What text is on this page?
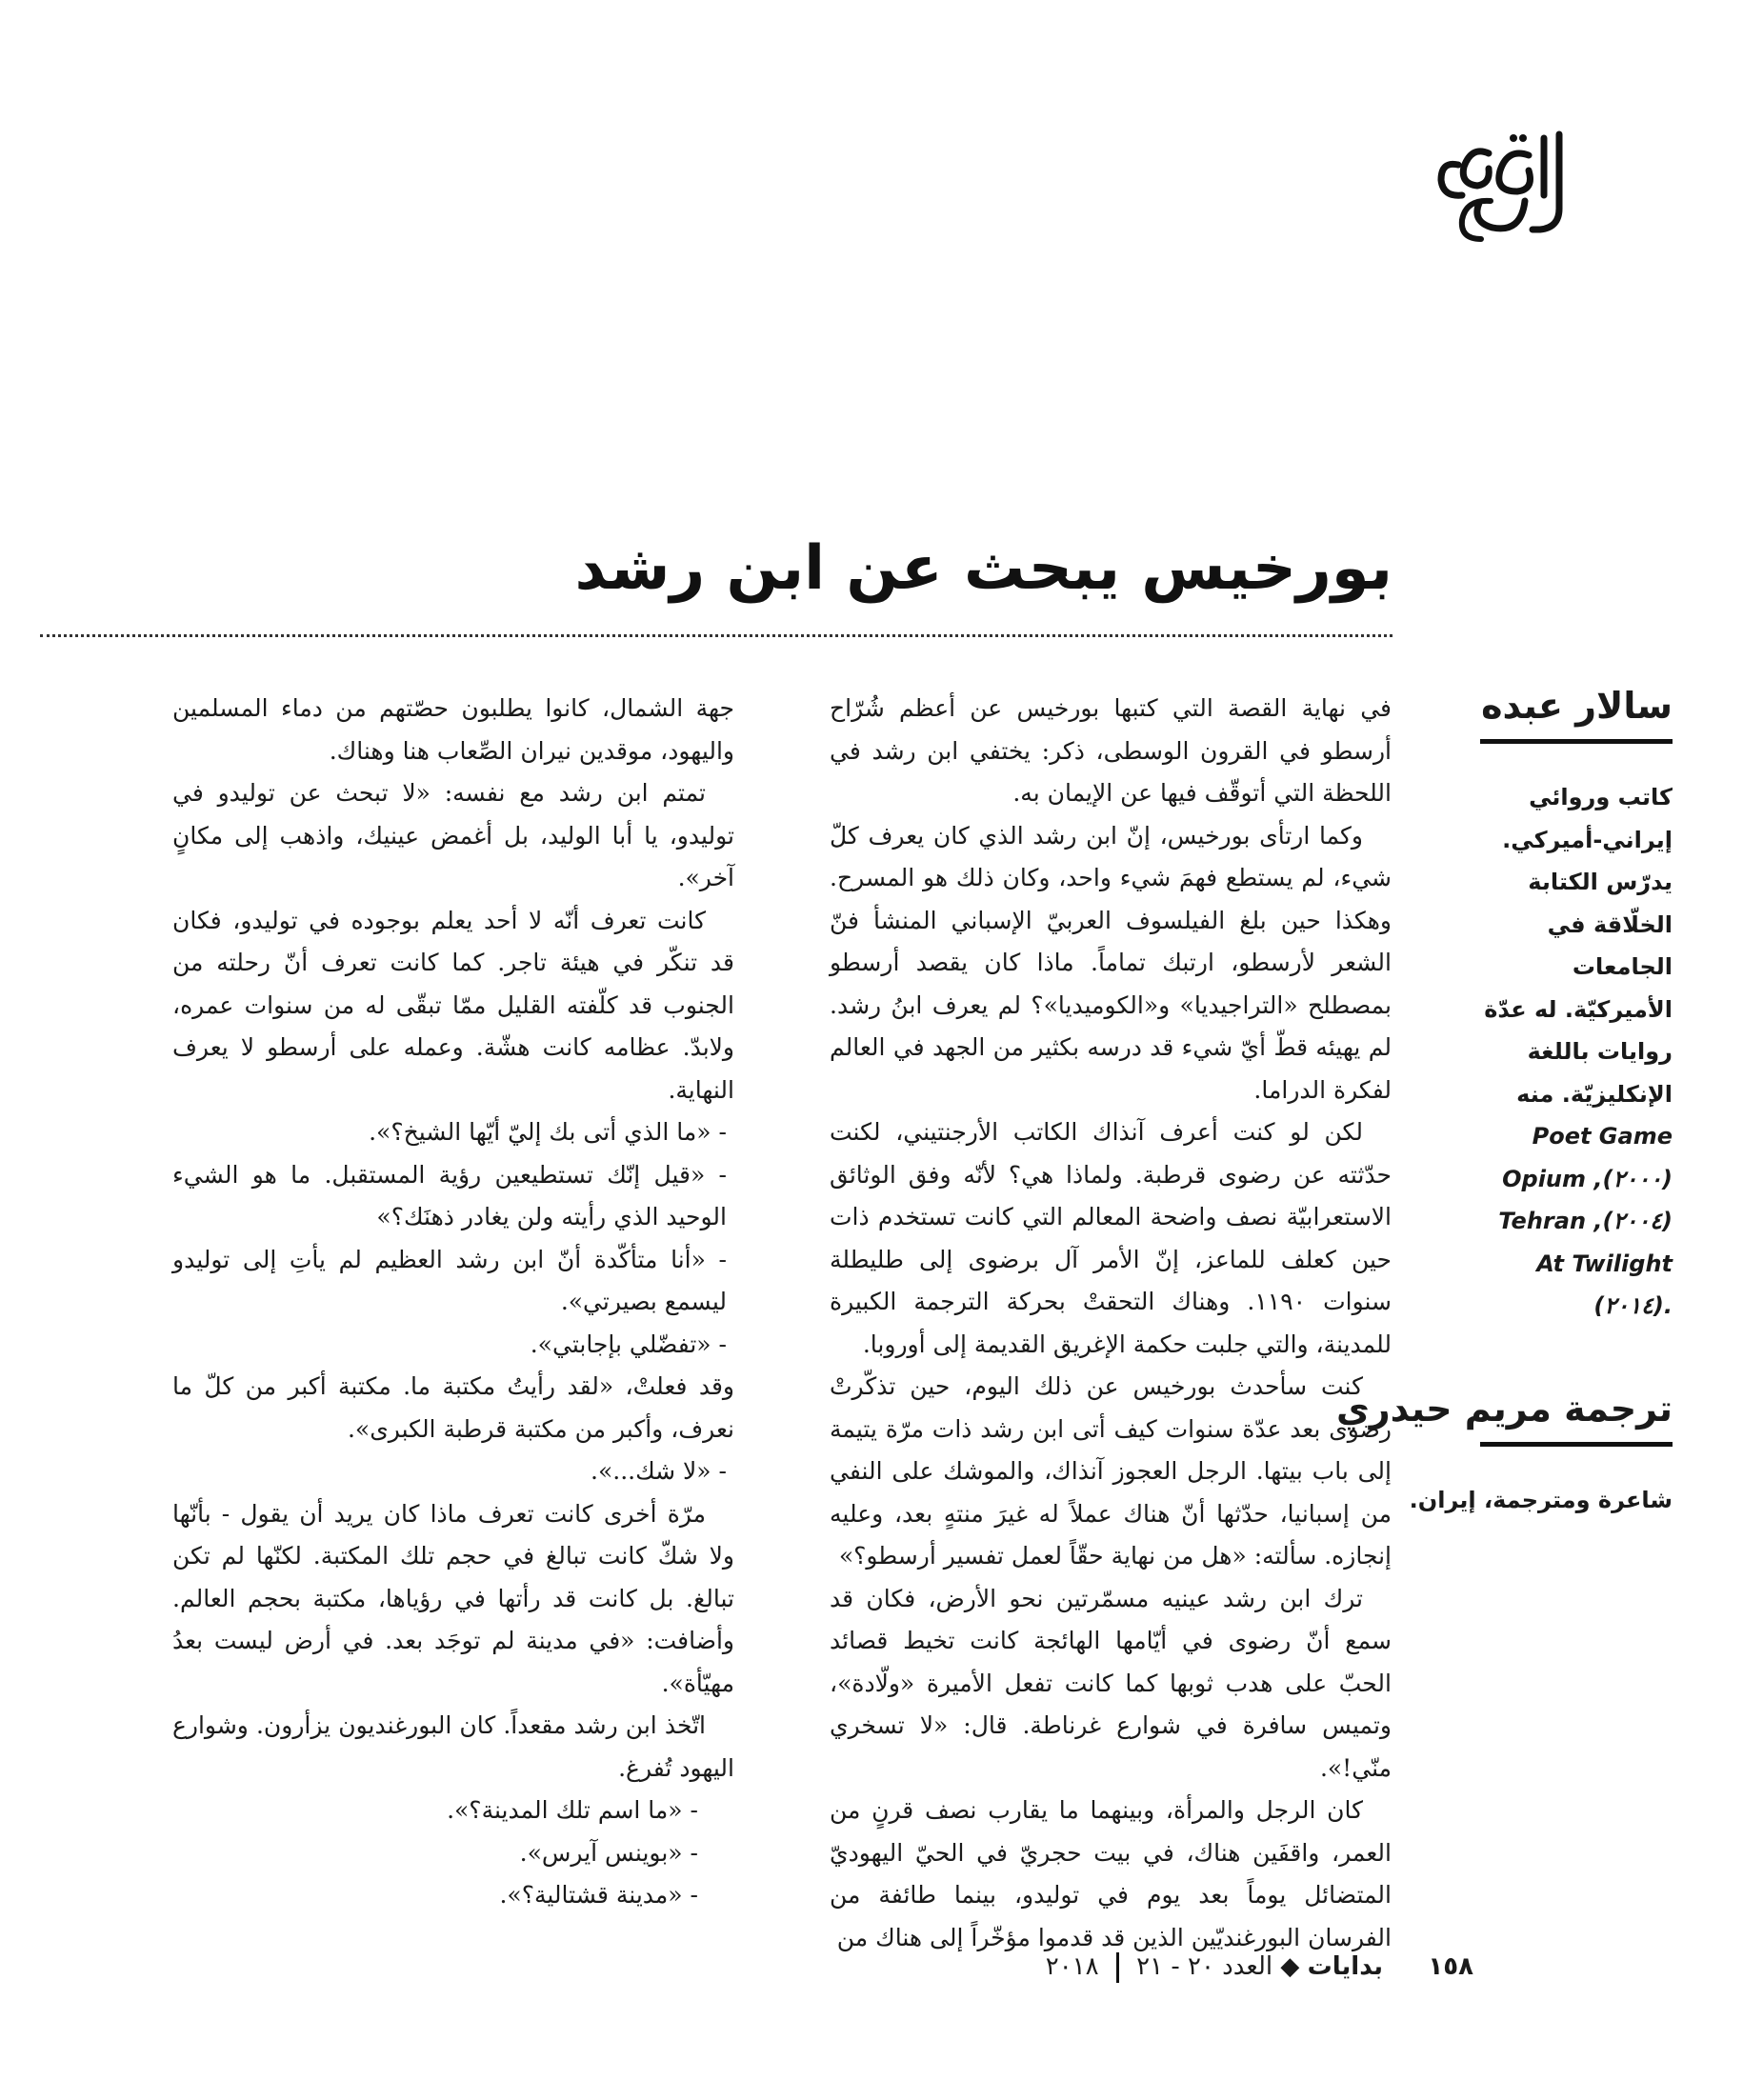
بورخيس يبحث عن ابن رشد
سالار عبده
كاتب وروائي
إيراني-أميركي.
يدرّس الكتابة
الخلّاقة في
الجامعات
الأميركيّة. له عدّة
روايات باللغة
الإنكليزيّة. منه
Poet Game
Opium ,(٢٠٠٠)
Tehran ,(٢٠٠٤)
At Twilight
(٢٠١٤).
ترجمة مريم حيدري
شاعرة ومترجمة، إيران.

في نهاية القصة التي كتبها بورخيس عن أعظم شُرّاح أرسطو في القرون الوسطى، ذكر: يختفي ابن رشد في اللحظة التي أتوقّف فيها عن الإيمان به.

وكما ارتأى بورخيس، إنّ ابن رشد الذي كان يعرف كلّ شيء، لم يستطع فهمَ شيء واحد، وكان ذلك هو المسرح. وهكذا حين بلغ الفيلسوف العربيّ الإسباني المنشأ فنّ الشعر لأرسطو، ارتبك تماماً. ماذا كان يقصد أرسطو بمصطلح «التراجيديا» و«الكوميديا»؟ لم يعرف ابنُ رشد. لم يهيئه قطّ أيّ شيء قد درسه بكثير من الجهد في العالم لفكرة الدراما.

لكن لو كنت أعرف آنذاك الكاتب الأرجنتيني، لكنت حدّثته عن رضوى قرطبة. ولماذا هي؟ لأنّه وفق الوثائق الاستعرابيّة نصف واضحة المعالم التي كانت تستخدم ذات حين كعلف للماعز، إنّ الأمر آل برضوى إلى طليطلة سنوات ١١٩٠. وهناك التحقتْ بحركة الترجمة الكبيرة للمدينة، والتي جلبت حكمة الإغريق القديمة إلى أوروبا.

كنت سأحدث بورخيس عن ذلك اليوم، حين تذكّرتْ رضوى بعد عدّة سنوات كيف أتى ابن رشد ذات مرّة يتيمة إلى باب بيتها. الرجل العجوز آنذاك، والموشك على النفي من إسبانيا، حدّثها أنّ هناك عملاً له غيرَ منتهٍ بعد، وعليه إنجازه. سألته: «هل من نهاية حقّاً لعمل تفسير أرسطو؟»

ترك ابن رشد عينيه مسمّرتين نحو الأرض، فكان قد سمع أنّ رضوى في أيّامها الهائجة كانت تخيط قصائد الحبّ على هدب ثوبها كما كانت تفعل الأميرة «ولّادة»، وتميس سافرة في شوارع غرناطة. قال: «لا تسخري منّي!».

كان الرجل والمرأة، وبينهما ما يقارب نصف قرنٍ من العمر، واقفَين هناك، في بيت حجريّ في الحيّ اليهوديّ المتضائل يوماً بعد يوم في توليدو، بينما طائفة من الفرسان البورغنديّين الذين قد قدموا مؤخّراً إلى هناك من

جهة الشمال، كانوا يطلبون حصّتهم من دماء المسلمين واليهود، موقدين نيران الصِّعاب هنا وهناك.

تمتم ابن رشد مع نفسه: «لا تبحث عن توليدو في توليدو، يا أبا الوليد، بل أغمض عينيك، واذهب إلى مكانٍ آخر».

كانت تعرف أنّه لا أحد يعلم بوجوده في توليدو، فكان قد تنكّر في هيئة تاجر. كما كانت تعرف أنّ رحلته من الجنوب قد كلّفته القليل ممّا تبقّى له من سنوات عمره، ولابدّ. عظامه كانت هشّة. وعمله على أرسطو لا يعرف النهاية.

- «ما الذي أتى بك إليّ أيّها الشيخ؟».

- «قيل إنّك تستطيعين رؤية المستقبل. ما هو الشيء الوحيد الذي رأيته ولن يغادر ذهنَك؟»

- «أنا متأكّدة أنّ ابن رشد العظيم لم يأتِ إلى توليدو ليسمع بصيرتي».

- «تفضّلي بإجابتي».

وقد فعلتْ، «لقد رأيتُ مكتبة ما. مكتبة أكبر من كلّ ما نعرف، وأكبر من مكتبة قرطبة الكبرى».

- «لا شك...».

مرّة أخرى كانت تعرف ماذا كان يريد أن يقول - بأنّها ولا شكّ كانت تبالغ في حجم تلك المكتبة. لكنّها لم تكن تبالغ. بل كانت قد رأتها في رؤياها، مكتبة بحجم العالم. وأضافت: «في مدينة لم توجَد بعد. في أرض ليست بعدُ مهيّأة».

اتّخذ ابن رشد مقعداً. كان البورغنديون يزأرون. وشوارع اليهود تُفرغ.

- «ما اسم تلك المدينة؟».

- «بوينس آيرس».

- «مدينة قشتالية؟».

١٥٨
بدايات ◆ العدد ٢٠ - ٢١  ٢٠١٨
